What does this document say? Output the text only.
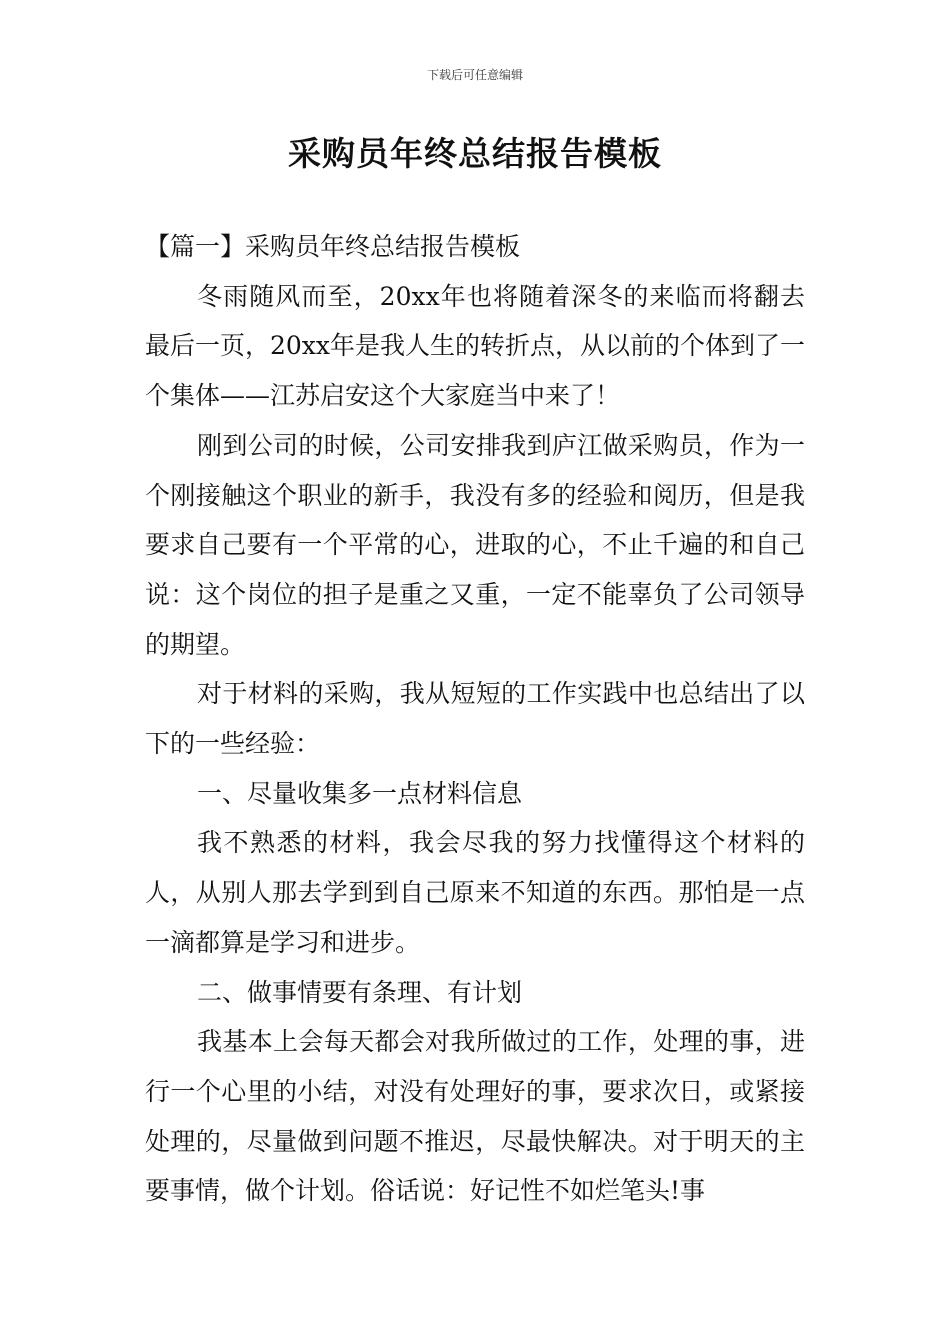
下载后可任意编辑
采购员年终总结报告模板

【篇一】采购员年终总结报告模板

冬雨随风而至，20xx年也将随着深冬的来临而将翻去最后一页，20xx年是我人生的转折点，从以前的个体到了一个集体——江苏启安这个大家庭当中来了！

刚到公司的时候，公司安排我到庐江做采购员，作为一个刚接触这个职业的新手，我没有多的经验和阅历，但是我要求自己要有一个平常的心，进取的心，不止千遍的和自己说：这个岗位的担子是重之又重，一定不能辜负了公司领导的期望。

对于材料的采购，我从短短的工作实践中也总结出了以下的一些经验：

一、尽量收集多一点材料信息

我不熟悉的材料，我会尽我的努力找懂得这个材料的人，从别人那去学到到自己原来不知道的东西。那怕是一点一滴都算是学习和进步。

二、做事情要有条理、有计划

我基本上会每天都会对我所做过的工作，处理的事，进行一个心里的小结，对没有处理好的事，要求次日，或紧接处理的，尽量做到问题不推迟，尽最快解决。对于明天的主要事情，做个计划。俗话说：好记性不如烂笔头!事
